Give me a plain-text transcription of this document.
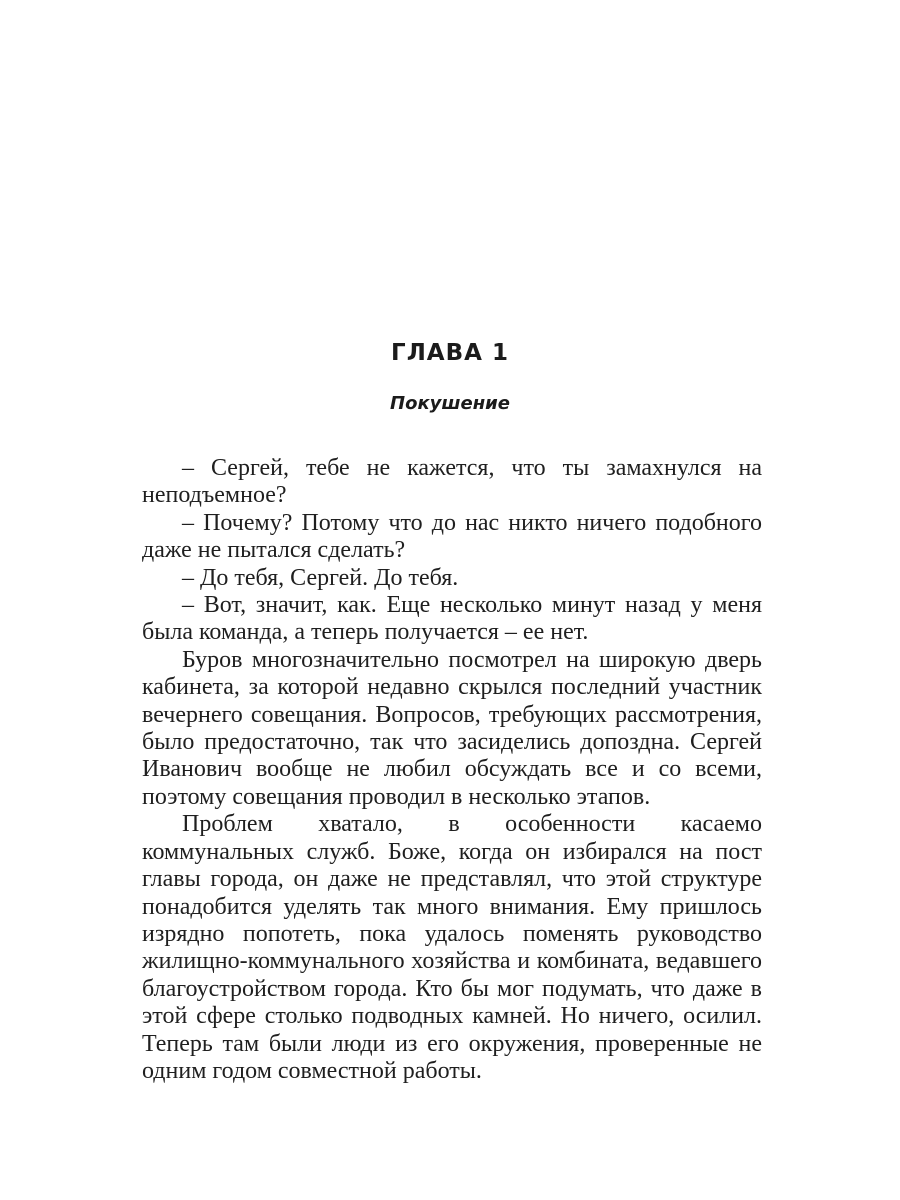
ГЛАВА 1
Покушение

– Сергей, тебе не кажется, что ты замахнулся на неподъемное?

– Почему? Потому что до нас никто ничего подобного даже не пытался сделать?

– До тебя, Сергей. До тебя.

– Вот, значит, как. Еще несколько минут назад у меня была команда, а теперь получается – ее нет.

Буров многозначительно посмотрел на широкую дверь кабинета, за которой недавно скрылся последний участник вечернего совещания. Вопросов, требующих рассмотрения, было предостаточно, так что засиделись допоздна. Сергей Иванович вообще не любил обсуждать все и со всеми, поэтому совещания проводил в несколько этапов.

Проблем хватало, в особенности касаемо коммунальных служб. Боже, когда он избирался на пост главы города, он даже не представлял, что этой структуре понадобится уделять так много внимания. Ему пришлось изрядно попотеть, пока удалось поменять руководство жилищно-коммунального хозяйства и комбината, ведавшего благоустройством города. Кто бы мог подумать, что даже в этой сфере столько подводных камней. Но ничего, осилил. Теперь там были люди из его окружения, проверенные не одним годом совместной работы.
